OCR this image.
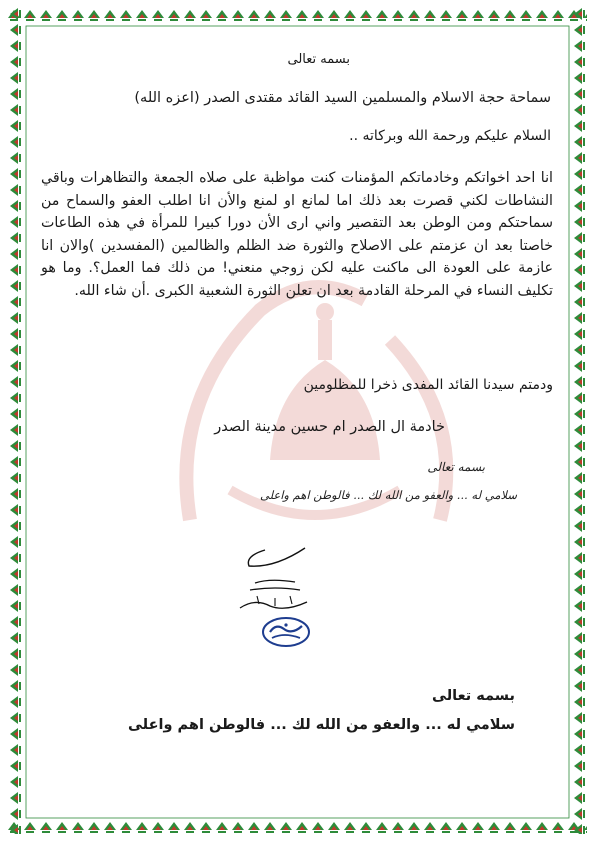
بسمه تعالى
سماحة حجة الاسلام والمسلمين السيد القائد مقتدى الصدر (اعزه الله)
السلام عليكم ورحمة الله وبركاته ..
انا احد اخواتكم وخادماتكم المؤمنات كنت مواظبة على صلاه الجمعة والتظاهرات وباقي النشاطات لكني قصرت بعد ذلك اما لمانع او لمنع والأن انا اطلب العفو والسماح من سماحتكم ومن الوطن بعد التقصير واني ارى الأن دورا كبيرا للمرأة في هذه الطاعات خاصتا بعد ان عزمتم على الاصلاح والثورة ضد الظلم والظالمين (المفسدين )والان انا عازمة على العودة الى ماكنت عليه لكن زوجي منعني! من ذلك فما العمل؟. وما هو تكليف النساء في المرحلة القادمة بعد ان تعلن الثورة الشعبية الكبرى .أن شاء الله.
ودمتم سيدنا القائد المفدى ذخرا للمظلومين
خادمة ال الصدر ام حسين مدينة الصدر
بسمه تعالى
سلامي له ... والعفو من الله لك ... فالوطن اهم واعلى
بسمه تعالى
سلامي له ... والعفو من الله لك ... فالوطن اهم واعلى
